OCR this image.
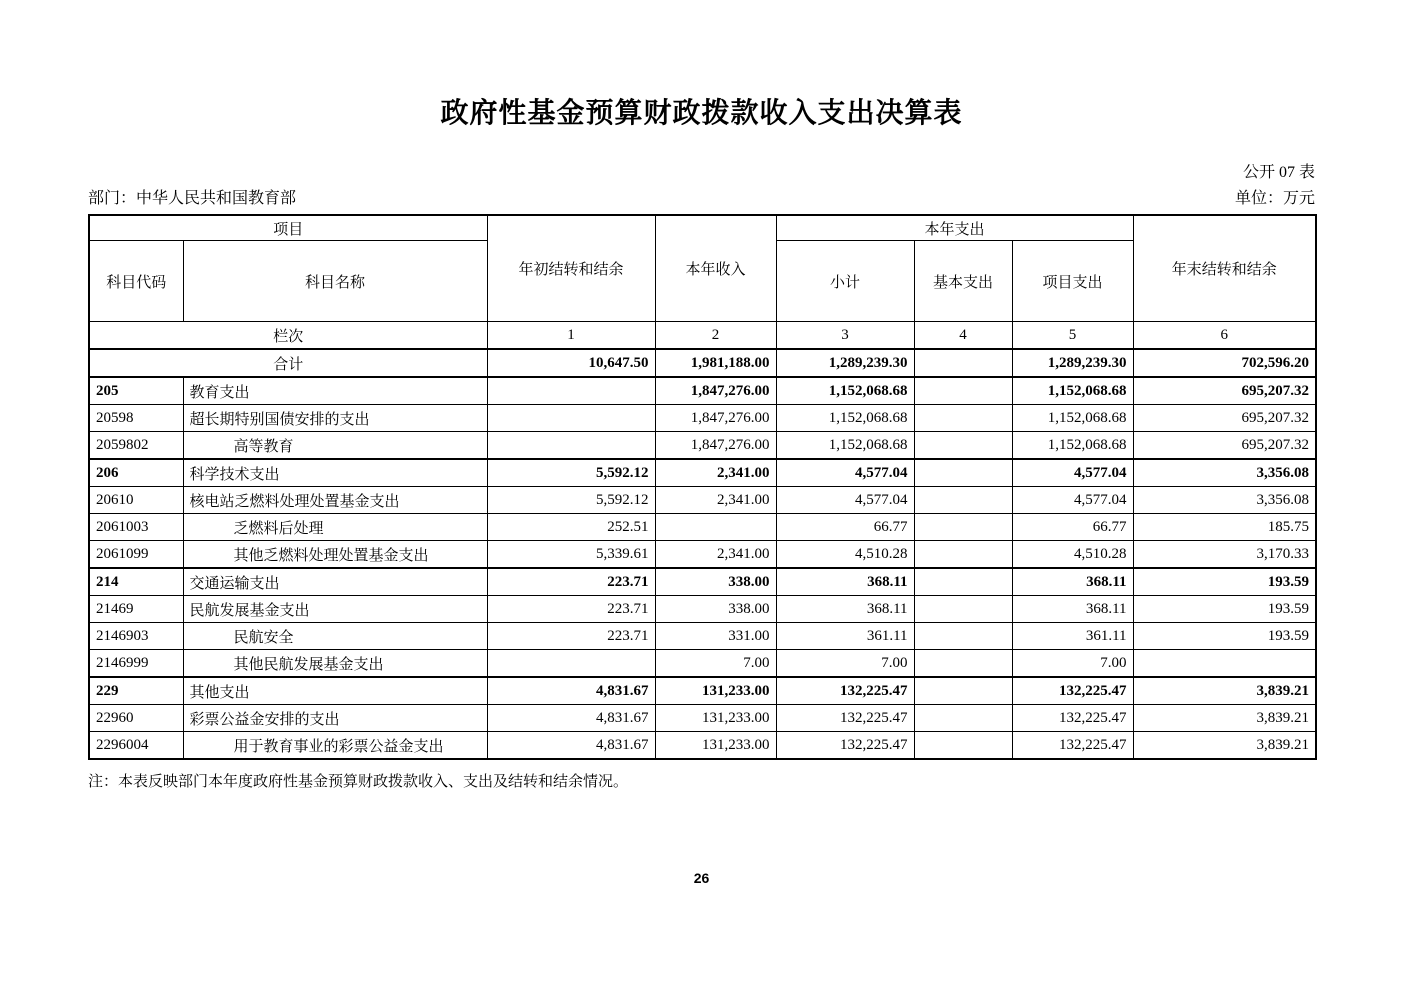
政府性基金预算财政拨款收入支出决算表
公开 07 表
部门：中华人民共和国教育部	单位：万元
项目		年初结转和结余	本年收入	本年支出			年末结转和结余
科目代码	科目名称			小计	基本支出	项目支出	
栏次		1	2	3	4	5	6
合计		10,647.50	1,981,188.00	1,289,239.30		1,289,239.30	702,596.20
205	教育支出		1,847,276.00	1,152,068.68		1,152,068.68	695,207.32
20598	超长期特别国债安排的支出		1,847,276.00	1,152,068.68		1,152,068.68	695,207.32
2059802	高等教育		1,847,276.00	1,152,068.68		1,152,068.68	695,207.32
206	科学技术支出	5,592.12	2,341.00	4,577.04		4,577.04	3,356.08
20610	核电站乏燃料处理处置基金支出	5,592.12	2,341.00	4,577.04		4,577.04	3,356.08
2061003	乏燃料后处理	252.51		66.77		66.77	185.75
2061099	其他乏燃料处理处置基金支出	5,339.61	2,341.00	4,510.28		4,510.28	3,170.33
214	交通运输支出	223.71	338.00	368.11		368.11	193.59
21469	民航发展基金支出	223.71	338.00	368.11		368.11	193.59
2146903	民航安全	223.71	331.00	361.11		361.11	193.59
2146999	其他民航发展基金支出		7.00	7.00		7.00	
229	其他支出	4,831.67	131,233.00	132,225.47		132,225.47	3,839.21
22960	彩票公益金安排的支出	4,831.67	131,233.00	132,225.47		132,225.47	3,839.21
2296004	用于教育事业的彩票公益金支出	4,831.67	131,233.00	132,225.47		132,225.47	3,839.21
注：本表反映部门本年度政府性基金预算财政拨款收入、支出及结转和结余情况。
26
